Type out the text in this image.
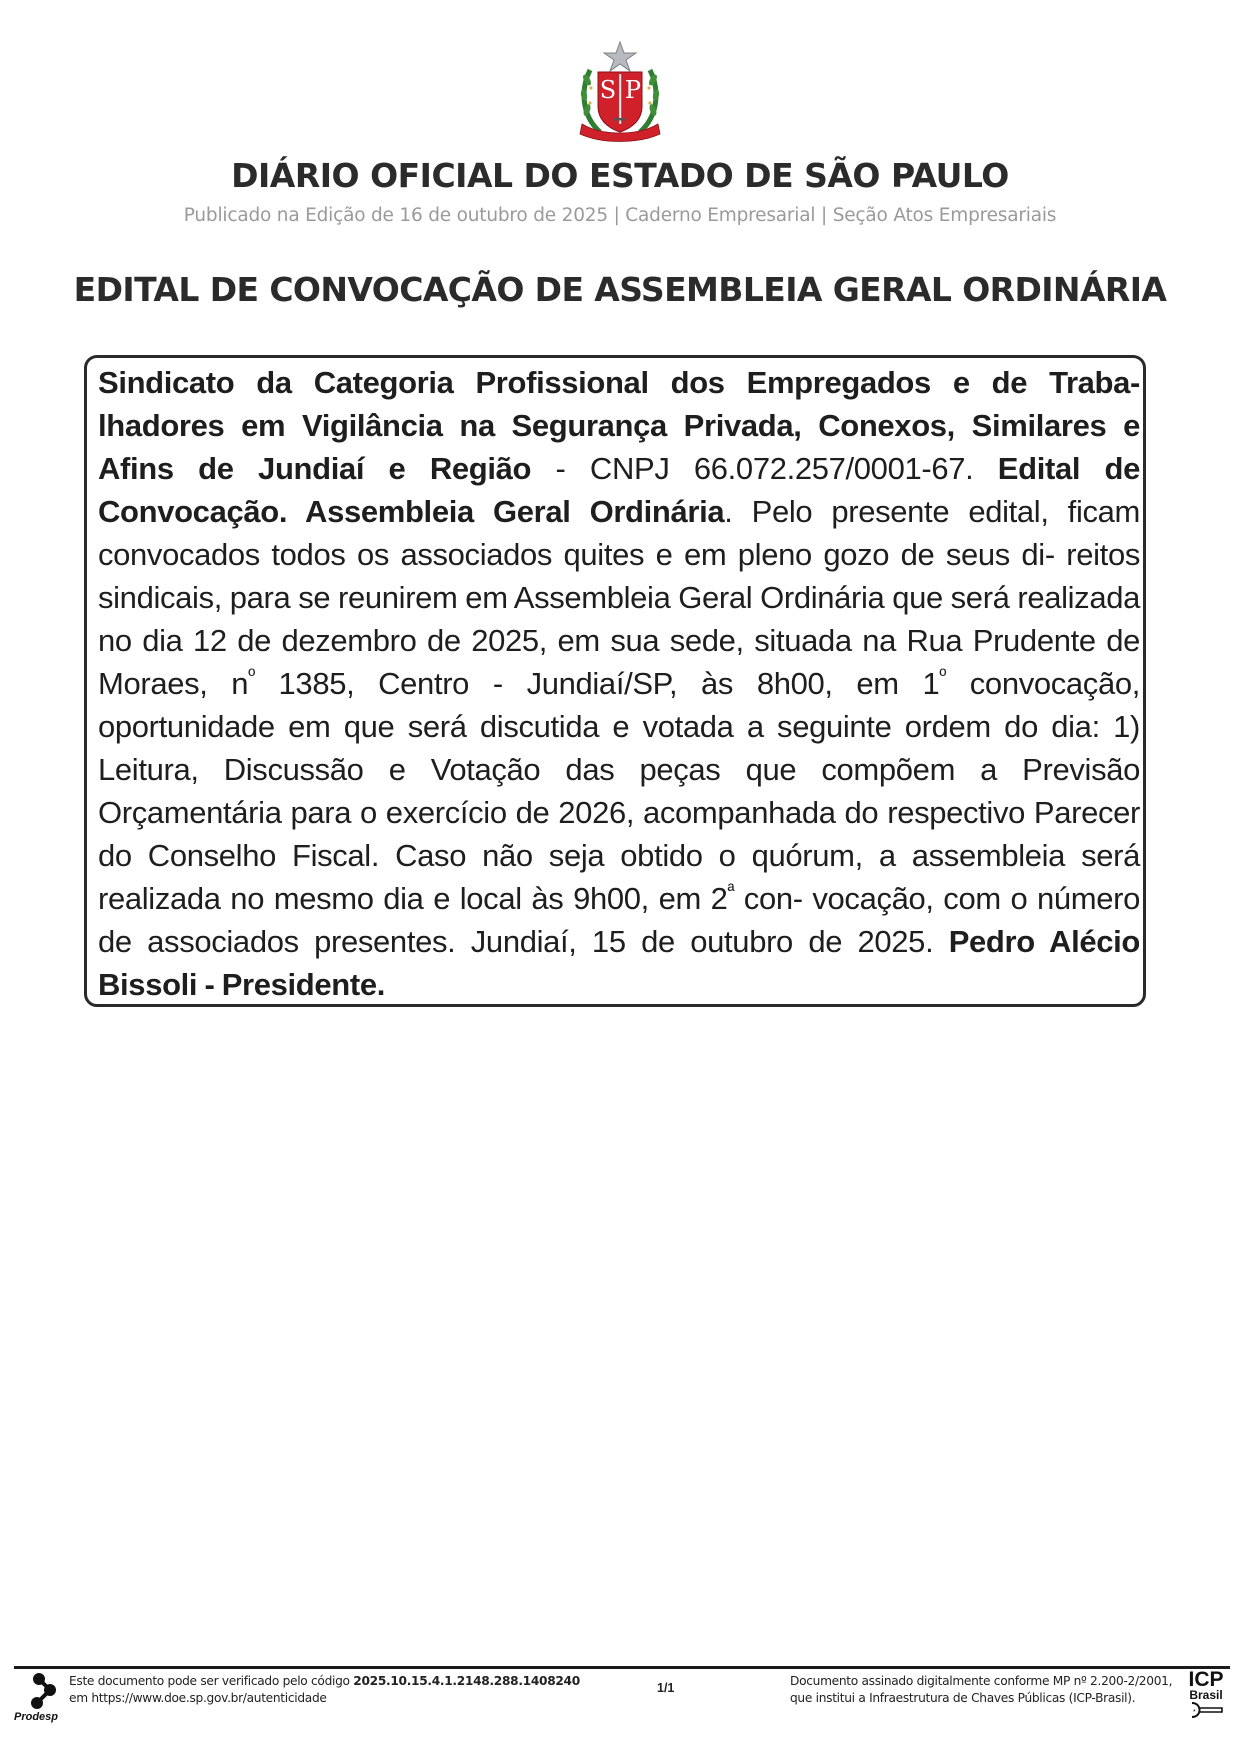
S P
DIÁRIO OFICIAL DO ESTADO DE SÃO PAULO
Publicado na Edição de 16 de outubro de 2025 | Caderno Empresarial | Seção Atos Empresariais
EDITAL DE CONVOCAÇÃO DE ASSEMBLEIA GERAL ORDINÁRIA
Sindicato da Categoria Profissional dos Empregados e de Traba-lhadores em Vigilância na Segurança Privada, Conexos, Similares e Afins de Jundiaí e Região - CNPJ 66.072.257/0001-67. Edital de Convocação. Assembleia Geral Ordinária. Pelo presente edital, ficam convocados todos os associados quites e em pleno gozo de seus di- reitos sindicais, para se reunirem em Assembleia Geral Ordinária que será realizada no dia 12 de dezembro de 2025, em sua sede, situada na Rua Prudente de Moraes, $n^º$ 1385, Centro - Jundiaí/SP, às 8h00, em $1^º$ convocação, oportunidade em que será discutida e votada a seguinte ordem do dia: 1) Leitura, Discussão e Votação das peças que compõem a Previsão Orçamentária para o exercício de 2026, acompanhada do respectivo Parecer do Conselho Fiscal. Caso não seja obtido o quórum, a assembleia será realizada no mesmo dia e local às 9h00, em $2^ª$ con- vocação, com o número de associados presentes. Jundiaí, 15 de outubro de 2025. Pedro Alécio Bissoli - Presidente.
Prodesp
Este documento pode ser verificado pelo código 2025.10.15.4.1.2148.288.1408240
em https://www.doe.sp.gov.br/autenticidade
1/1	Documento assinado digitalmente conforme MP nº 2.200-2/2001,
que institui a Infraestrutura de Chaves Públicas (ICP-Brasil).
ICP
Brasil
*
